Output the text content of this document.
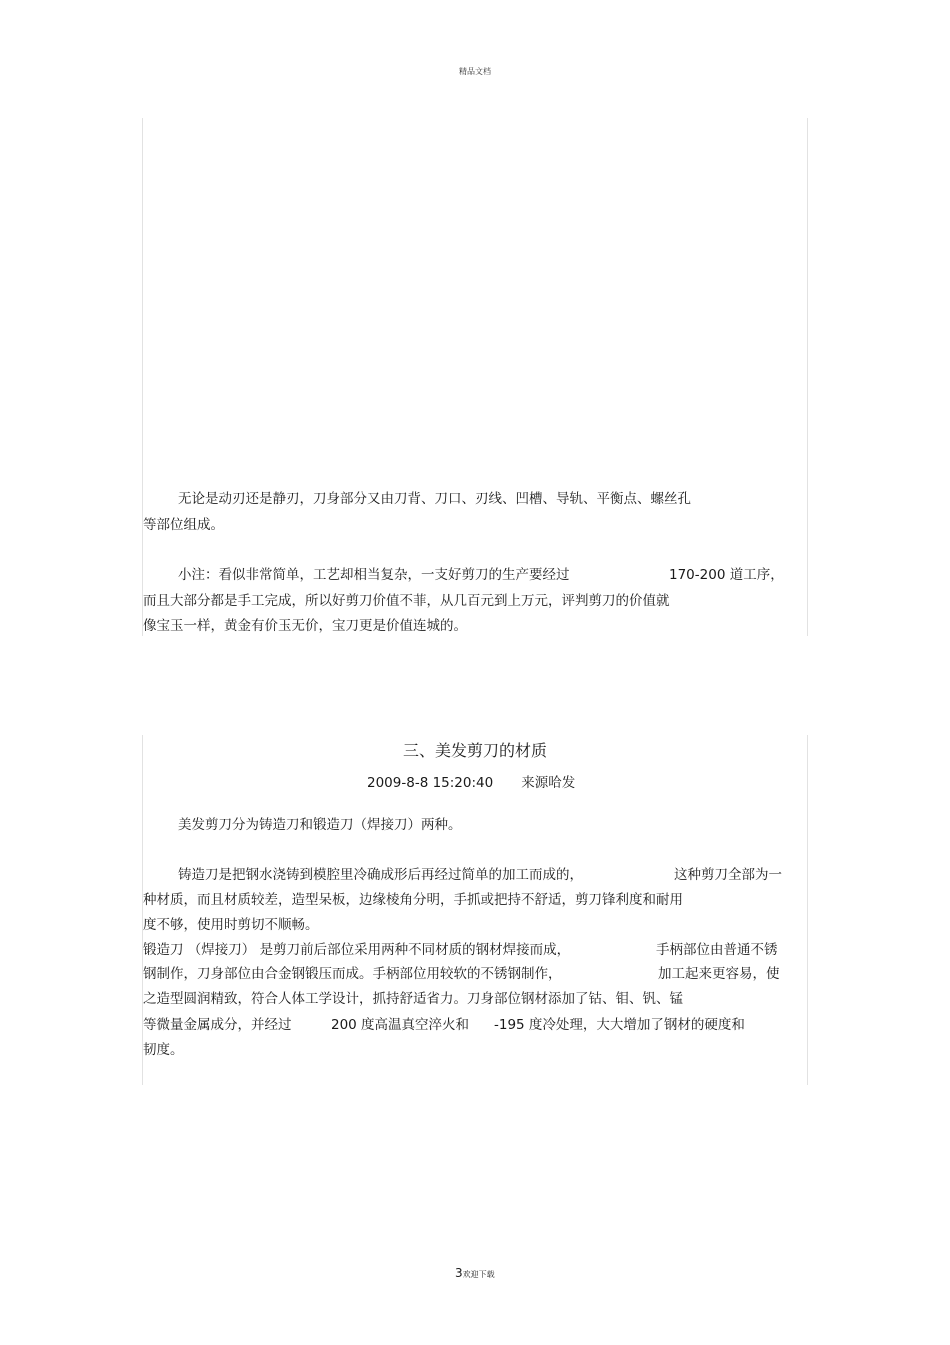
精品文档
无论是动刃还是静刃，刀身部分又由刀背、刀口、刃线、凹槽、导轨、平衡点、螺丝孔
等部位组成。
小注：看似非常简单，工艺却相当复杂，一支好剪刀的生产要经过	170-200 道工序，
而且大部分都是手工完成，所以好剪刀价值不菲，从几百元到上万元，评判剪刀的价值就
像宝玉一样，黄金有价玉无价，宝刀更是价值连城的。
三、美发剪刀的材质
2009-8-8 15:20:40 来源哈发
美发剪刀分为铸造刀和锻造刀（焊接刀）两种。
铸造刀是把钢水浇铸到模腔里冷确成形后再经过简单的加工而成的，	这种剪刀全部为一
种材质，而且材质较差，造型呆板，边缘棱角分明，手抓或把持不舒适，剪刀锋利度和耐用
度不够，使用时剪切不顺畅。
锻造刀 （焊接刀） 是剪刀前后部位采用两种不同材质的钢材焊接而成，	手柄部位由普通不锈
钢制作，刀身部位由合金钢锻压而成。手柄部位用较软的不锈钢制作，	加工起来更容易，使
之造型圆润精致，符合人体工学设计，抓持舒适省力。刀身部位钢材添加了钴、钼、钒、锰
等微量金属成分，并经过	200 度高温真空淬火和 -195 度冷处理，大大增加了钢材的硬度和
韧度。
3欢迎下载
